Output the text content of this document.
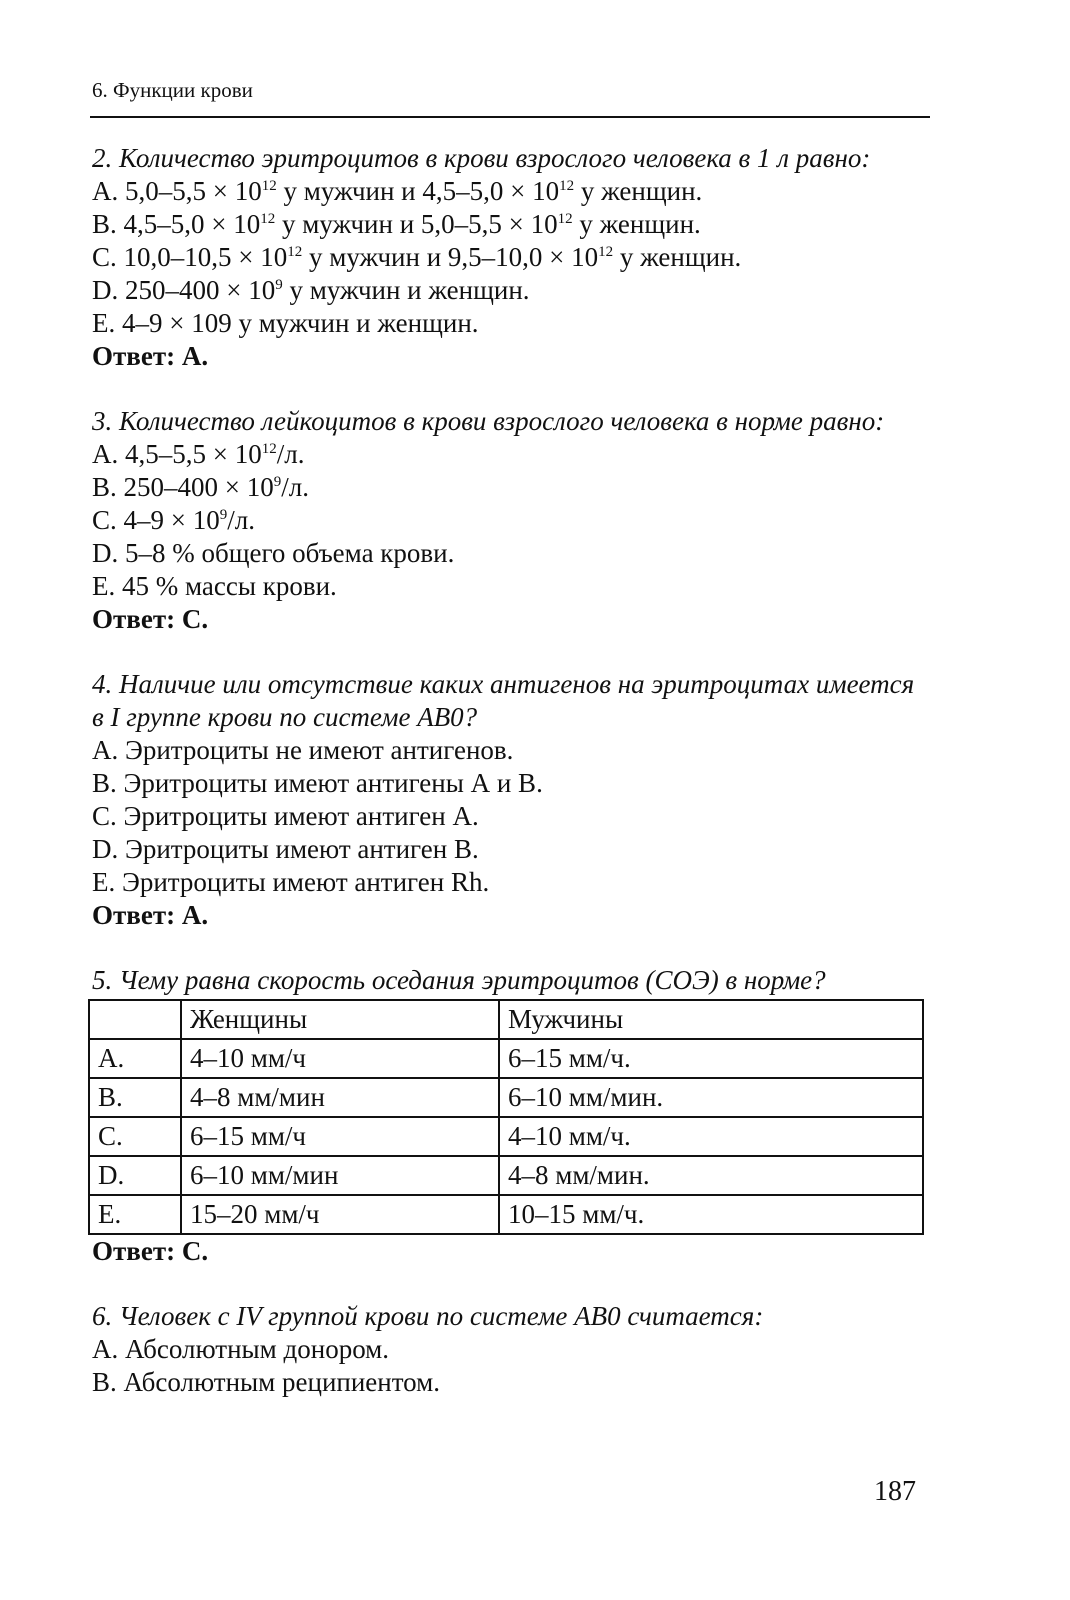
6. Функции крови
2. Количество эритроцитов в крови взрослого человека в 1 л равно:
A. $5,0-5,5 \times 10^{12}$ у мужчин и $4,5-5,0 \times 10^{12}$ у женщин.
B. $4,5-5,0 \times 10^{12}$ у мужчин и $5,0-5,5 \times 10^{12}$ у женщин.
C. $10,0-10,5 \times 10^{12}$ у мужчин и $9,5-10,0 \times 10^{12}$ у женщин.
D. $250-400 \times 10^9$ у мужчин и женщин.
E. 4–9 × 109 у мужчин и женщин.
Ответ: А.
3. Количество лейкоцитов в крови взрослого человека в норме равно:
A. $4,5-5,5 \times 10^{12}/л$.
B. $250-400 \times 10^9/л$.
C. $4-9 \times 10^9/л$.
D. 5–8 % общего объема крови.
E. 45 % массы крови.
Ответ: С.
4. Наличие или отсутствие каких антигенов на эритроцитах имеется в I группе крови по системе АВ0?
A. Эритроциты не имеют антигенов.
B. Эритроциты имеют антигены А и В.
C. Эритроциты имеют антиген А.
D. Эритроциты имеют антиген В.
E. Эритроциты имеют антиген Rh.
Ответ: А.
5. Чему равна скорость оседания эритроцитов (СОЭ) в норме?
	Женщины	Мужчины
A.	4–10 мм/ч	6–15 мм/ч.
B.	4–8 мм/мин	6–10 мм/мин.
C.	6–15 мм/ч	4–10 мм/ч.
D.	6–10 мм/мин	4–8 мм/мин.
E.	15–20 мм/ч	10–15 мм/ч.
Ответ: С.
6. Человек с IV группой крови по системе АВ0 считается:
A. Абсолютным донором.
B. Абсолютным реципиентом.
187
